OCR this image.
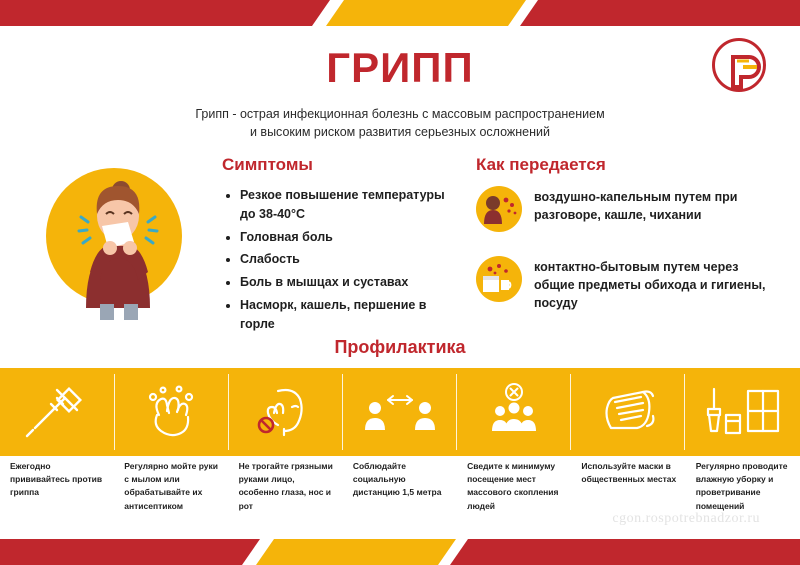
ГРИПП
Грипп - острая инфекционная болезнь с массовым распространением
и высоким риском развития серьезных осложнений
Симптомы
• Резкое повышение температуры до 38-40°С
• Головная боль
• Слабость
• Боль в мышцах и суставах
• Насморк, кашель, першение в горле
Как передается
воздушно-капельным путем при разговоре, кашле, чихании
контактно-бытовым путем через общие предметы обихода и гигиены, посуду
Профилактика
Ежегодно прививайтесь против гриппа
Регулярно мойте руки с мылом или обрабатывайте их антисептиком
Не трогайте грязными руками лицо, особенно глаза, нос и рот
Соблюдайте социальную дистанцию 1,5 метра
Сведите к минимуму посещение мест массового скопления людей
Используйте маски в общественных местах
Регулярно проводите влажную уборку и проветривание помещений
cgon.rospotrebnadzor.ru
